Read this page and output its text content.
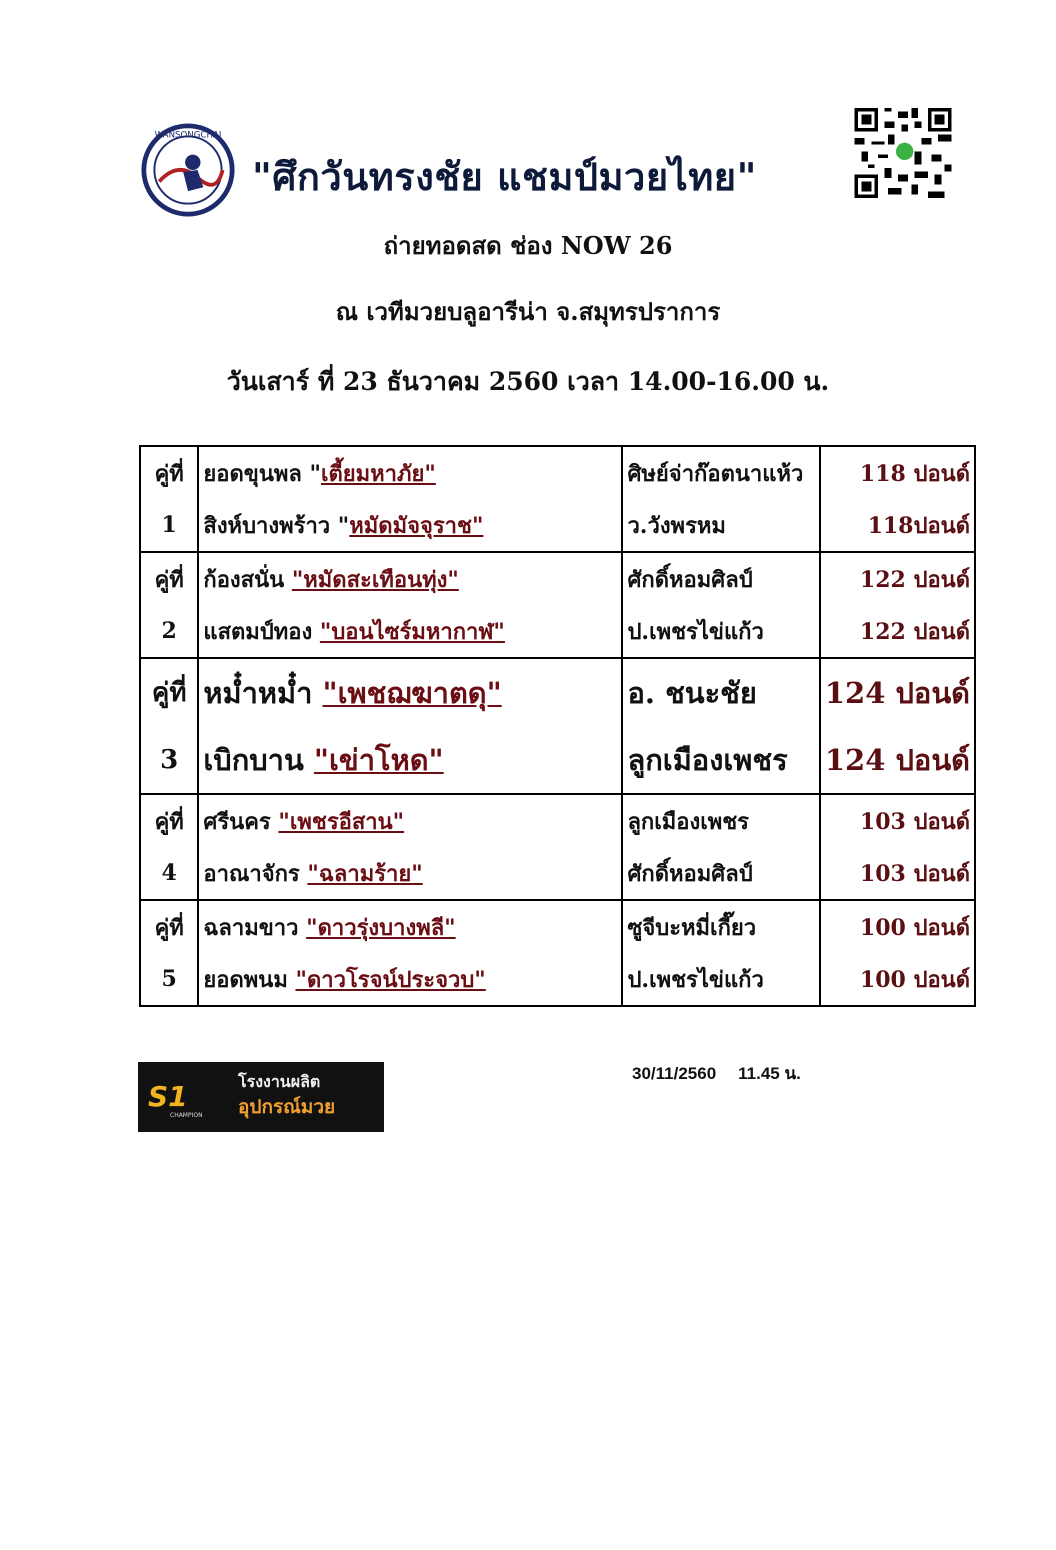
WANSONGCHAI
"ศึกวันทรงชัย แชมป์มวยไทย"
ถ่ายทอดสด ช่อง NOW 26
ณ เวทีมวยบลูอารีน่า จ.สมุทรปราการ
วันเสาร์ ที่ 23 ธันวาคม 2560 เวลา 14.00-16.00 น.
คู่ที่	ยอดขุนพล "เตี้ยมหาภัย"	ศิษย์จ่าก๊อตนาแห้ว	118 ปอนด์
1	สิงห์บางพร้าว "หมัดมัจจุราช"	ว.วังพรหม	118ปอนด์
คู่ที่	ก้องสนั่น "หมัดสะเทือนทุ่ง"	ศักดิ์หอมศิลป์	122 ปอนด์
2	แสตมป์ทอง "บอนไซร์มหากาฬ"	ป.เพชรไข่แก้ว	122 ปอนด์
คู่ที่	หม๋ำหม๋ำ "เพชฌฆาตดุ"	อ. ชนะชัย	124 ปอนด์
3	เบิกบาน "เข่าโหด"	ลูกเมืองเพชร	124 ปอนด์
คู่ที่	ศรีนคร "เพชรอีสาน"	ลูกเมืองเพชร	103 ปอนด์
4	อาณาจักร "ฉลามร้าย"	ศักดิ์หอมศิลป์	103 ปอนด์
คู่ที่	ฉลามขาว "ดาวรุ่งบางพลี"	ซูจีบะหมี่เกี๊ยว	100 ปอนด์
5	ยอดพนม "ดาวโรจน์ประจวบ"	ป.เพชรไข่แก้ว	100 ปอนด์
S1
CHAMPION
โรงงานผลิต
อุปกรณ์มวย
30/11/2560 11.45 น.
